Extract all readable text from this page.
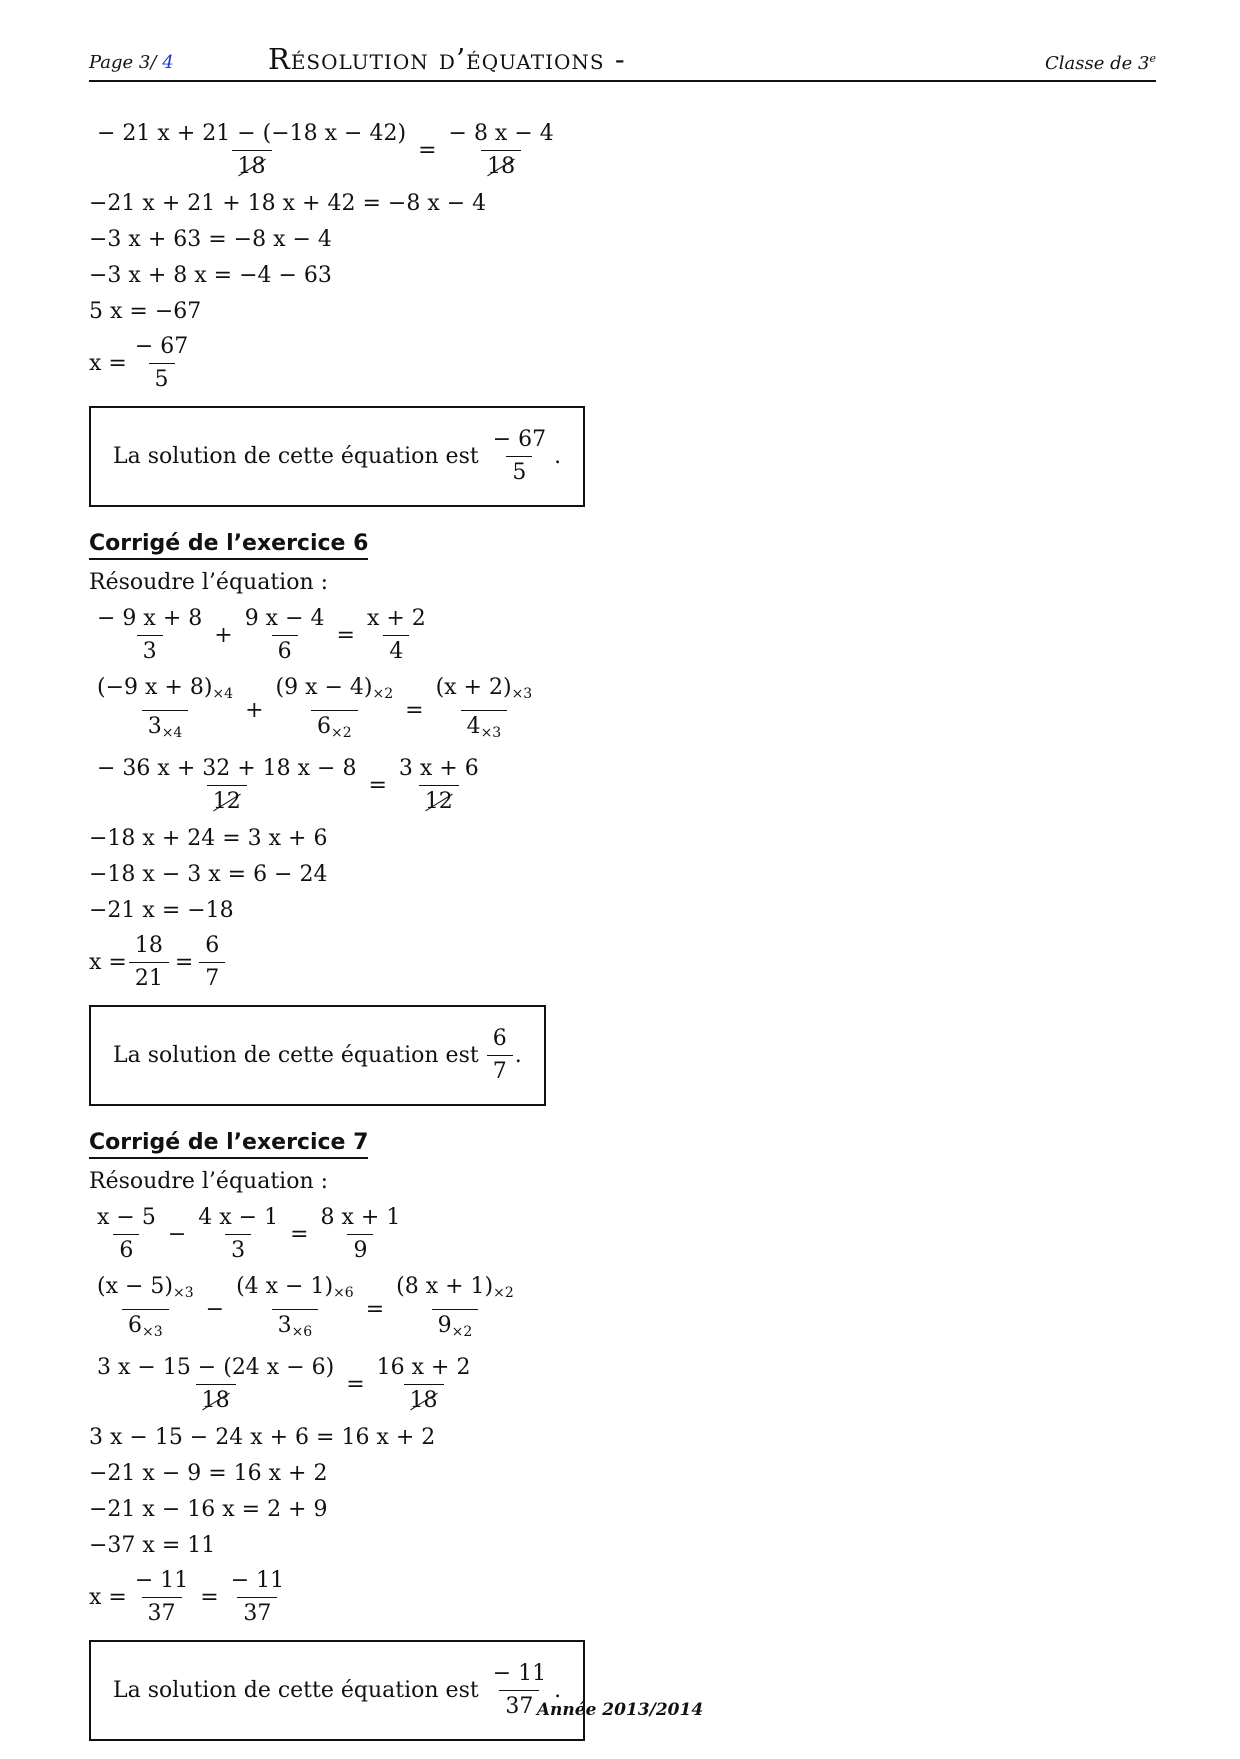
Page 3/ 4	Résolution d’équations -	Classe de 3e
$\frac{- 21 x + 21 - (-18 x - 42)}{18} = \frac{- 8 x - 4}{18}$
−21 x + 21 + 18 x + 42 = −8 x − 4
−3 x + 63 = −8 x − 4
−3 x + 8 x = −4 − 63
5 x = −67
$x = \frac{- 67}{5}$
La solution de cette équation est $\frac{- 67}{5}$ .
Corrigé de l’exercice 6
Résoudre l’équation :
$\frac{- 9 x + 8}{3} + \frac{9 x - 4}{6} = \frac{x + 2}{4}$
$\frac{(-9 x + 8)_{\times 4}}{3_{\times 4}} + \frac{(9 x - 4)_{\times 2}}{6_{\times 2}} = \frac{(x + 2)_{\times 3}}{4_{\times 3}}$
$\frac{- 36 x + 32 + 18 x - 8}{12} = \frac{3 x + 6}{12}$
−18 x + 24 = 3 x + 6
−18 x − 3 x = 6 − 24
−21 x = −18
$x = \frac{18}{21} = \frac{6}{7}$
La solution de cette équation est $\frac{6}{7}$ .
Corrigé de l’exercice 7
Résoudre l’équation :
$\frac{x - 5}{6} - \frac{4 x - 1}{3} = \frac{8 x + 1}{9}$
$\frac{(x - 5)_{\times 3}}{6_{\times 3}} - \frac{(4 x - 1)_{\times 6}}{3_{\times 6}} = \frac{(8 x + 1)_{\times 2}}{9_{\times 2}}$
$\frac{3 x - 15 - (24 x - 6)}{18} = \frac{16 x + 2}{18}$
3 x − 15 − 24 x + 6 = 16 x + 2
−21 x − 9 = 16 x + 2
−21 x − 16 x = 2 + 9
−37 x = 11
$x = \frac{- 11}{37} = \frac{- 11}{37}$
La solution de cette équation est $\frac{- 11}{37}$ .
Année 2013/2014
